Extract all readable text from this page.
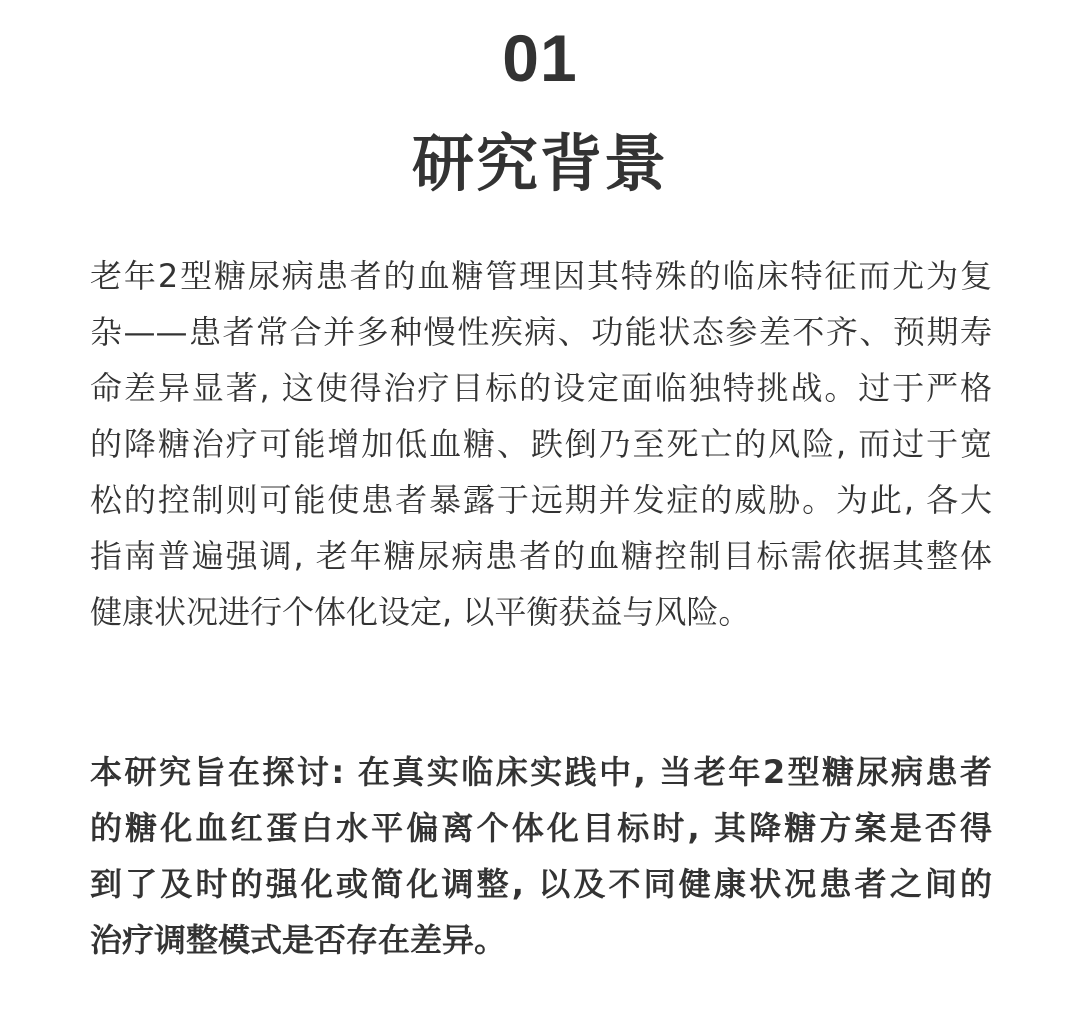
01
研究背景
老年2型糖尿病患者的血糖管理因其特殊的临床特征而尤为复
杂——患者常合并多种慢性疾病、功能状态参差不齐、预期寿
命差异显著, 这使得治疗目标的设定面临独特挑战。过于严格
的降糖治疗可能增加低血糖、跌倒乃至死亡的风险, 而过于宽
松的控制则可能使患者暴露于远期并发症的威胁。为此, 各大
指南普遍强调, 老年糖尿病患者的血糖控制目标需依据其整体
健康状况进行个体化设定, 以平衡获益与风险。
本研究旨在探讨: 在真实临床实践中, 当老年2型糖尿病患者
的糖化血红蛋白水平偏离个体化目标时, 其降糖方案是否得
到了及时的强化或简化调整, 以及不同健康状况患者之间的
治疗调整模式是否存在差异。
